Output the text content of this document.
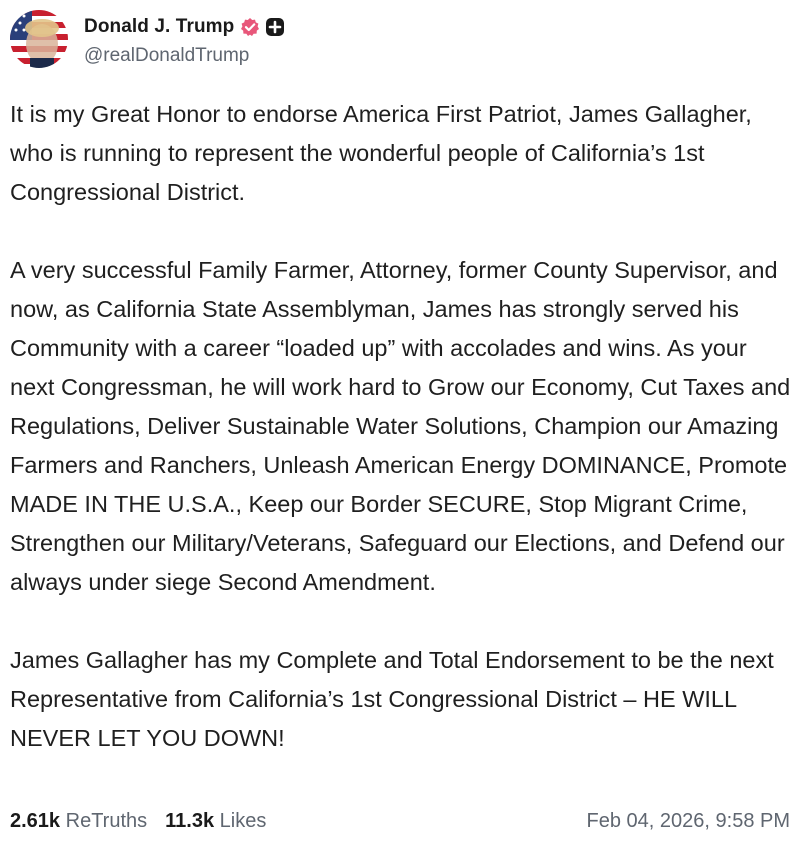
Donald J. Trump
@realDonaldTrump

It is my Great Honor to endorse America First Patriot, James Gallagher, who is running to represent the wonderful people of California’s 1st Congressional District.

A very successful Family Farmer, Attorney, former County Supervisor, and now, as California State Assemblyman, James has strongly served his Community with a career “loaded up” with accolades and wins. As your next Congressman, he will work hard to Grow our Economy, Cut Taxes and Regulations, Deliver Sustainable Water Solutions, Champion our Amazing Farmers and Ranchers, Unleash American Energy DOMINANCE, Promote MADE IN THE U.S.A., Keep our Border SECURE, Stop Migrant Crime, Strengthen our Military/Veterans, Safeguard our Elections, and Defend our always under siege Second Amendment.

James Gallagher has my Complete and Total Endorsement to be the next Representative from California’s 1st Congressional District – HE WILL NEVER LET YOU DOWN!

2.61k ReTruths 11.3k Likes	Feb 04, 2026, 9:58 PM
